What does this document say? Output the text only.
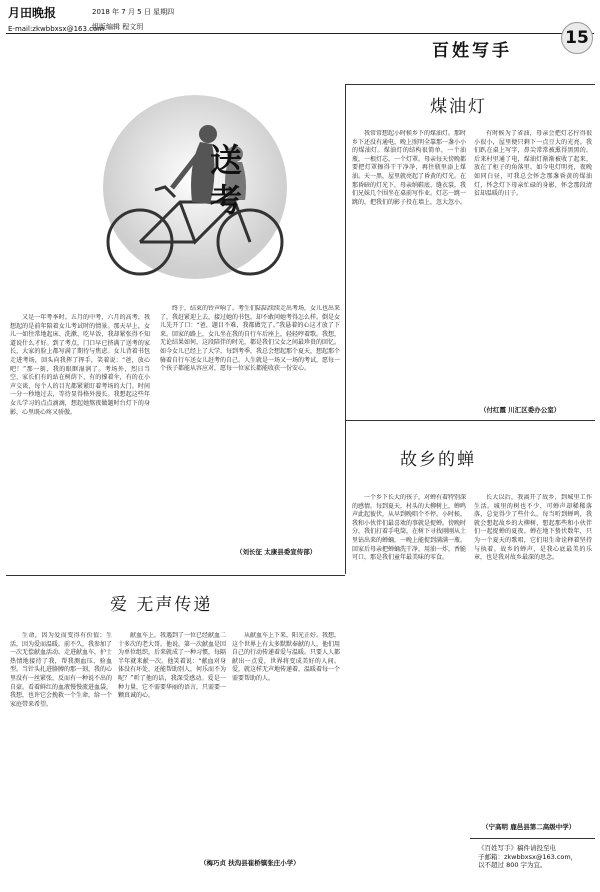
月田晚报
E-mail:zkwbbxsx@163.com
2018 年 7 月 5 日 星期四
组版编辑 程文玥
百姓写手
15
送考

又是一年考季时。五月的中考，六月的高考，我想起的是前年陪着女儿考试时的情景。那天早上，女儿一如往常地起床、洗漱、吃早饭，我却紧张得不知道说什么才好。到了考点，门口早已挤满了送考的家长，大家的脸上都写满了期待与焦虑。女儿背着书包走进考场，回头向我挥了挥手，笑着说：“爸，放心吧！”那一刻，我的眼眶湿润了。考场外，烈日当空，家长们有的站在树荫下，有的撑着伞，有的在小声交谈，每个人的目光都紧紧盯着考场的大门。时间一分一秒地过去，等待显得格外漫长。我想起这些年女儿学习的点点滴滴，想起她熬夜做题时台灯下的身影，心里既心疼又骄傲。

终于，结束的铃声响了。考生们陆陆续续走出考场，女儿也出来了，我赶紧迎上去，接过她的书包，却不敢问她考得怎么样。倒是女儿先开了口：“爸，题目不难，我都做完了。”我悬着的心这才放了下来。回家的路上，女儿坐在我的自行车后座上，轻轻哼着歌。我想，无论结果如何，这段陪伴的时光，都是我们父女之间最珍贵的回忆。如今女儿已经上了大学，每到考季，我总会想起那个夏天，想起那个骑着自行车送女儿赶考的自己。人生就是一场又一场的考试，愿每一个孩子都能从容应对，愿每一位家长都能收获一份安心。

（刘长征 太康县委宣传部）
煤油灯

我常常想起小时候乡下的煤油灯。那时乡下还没有通电，晚上照明全靠那一盏小小的煤油灯。煤油灯的结构很简单，一个油瓶，一根灯芯，一个灯罩。母亲每天傍晚都要把灯罩擦得干干净净，再往瓶里添上煤油。天一黑，屋里就亮起了昏黄的灯光。在那昏暗的灯光下，母亲纳鞋底、缝衣裳，我们兄妹几个围坐在桌前写作业。灯芯一跳一跳的，把我们的影子投在墙上，忽大忽小。

有时候为了省油，母亲会把灯芯拧得很小很小，屋里便只剩下一点豆大的光亮。我们趴在桌上写字，鼻尖常常被熏得黑黑的。后来村里通了电，煤油灯渐渐被收了起来，放在了柜子的角落里。如今电灯明亮，夜晚如同白昼，可我总会怀念那盏昏黄的煤油灯，怀念灯下母亲忙碌的身影，怀念那段清贫却温暖的日子。

（付红霞 川汇区委办公室）
故乡的蝉

一个乡下长大的孩子，对蝉有着特别深的感情。每到夏天，村头的大柳树上，蝉鸣声此起彼伏，从早到晚唱个不停。小时候，我和小伙伴们最喜欢的事就是捉蝉。傍晚时分，我们打着手电筒，在树下寻找刚刚从土里钻出来的蝉蛹，一晚上能捉到满满一瓶。回家后母亲把蝉蛹洗干净，用油一炸，香脆可口，那是我们童年最美味的零食。

长大以后，我离开了故乡，到城里工作生活。城里的树也不少，可蝉声却稀稀落落，总觉得少了些什么。每当听到蝉鸣，我就会想起故乡的大柳树，想起那些和小伙伴们一起捉蝉的夏夜。蝉在地下蛰伏数年，只为一个夏天的歌唱，它们用生命诠释着坚持与执着。故乡的蝉声，是我心底最美的乐章，也是我对故乡最深的思念。

（宁高明 鹿邑县第二高级中学）
爱 无声传递

生命，因为爱而变得有价值；生活，因为爱而温暖。前不久，我参加了一次无偿献血活动。走进献血车，护士热情地接待了我，帮我测血压、验血型。当针头扎进胳膊的那一刻，我的心里没有一丝紧张，反而有一种说不出的自豪。看着鲜红的血液慢慢流进血袋，我想，也许它会挽救一个生命，给一个家庭带来希望。

献血车上，我遇到了一位已经献血二十多次的老大哥。他说，第一次献血是因为单位组织，后来就成了一种习惯，每隔半年就来献一次。他笑着说：“献血对身体没有坏处，还能帮助别人，何乐而不为呢？”听了他的话，我深受感动。爱是一种力量，它不需要华丽的语言，只需要一颗真诚的心。

从献血车上下来，阳光正好。我想，这个世界上有太多默默奉献的人，他们用自己的行动传递着爱与温暖。只要人人都献出一点爱，世界将变成美好的人间。爱，就这样无声地传递着，温暖着每一个需要帮助的人。

（梅巧贞 扶沟县崔桥镇张庄小学）
《百姓写手》稿件请投至电
子邮箱：zkwbbxsx@163.com，
以不超过 800 字为宜。
